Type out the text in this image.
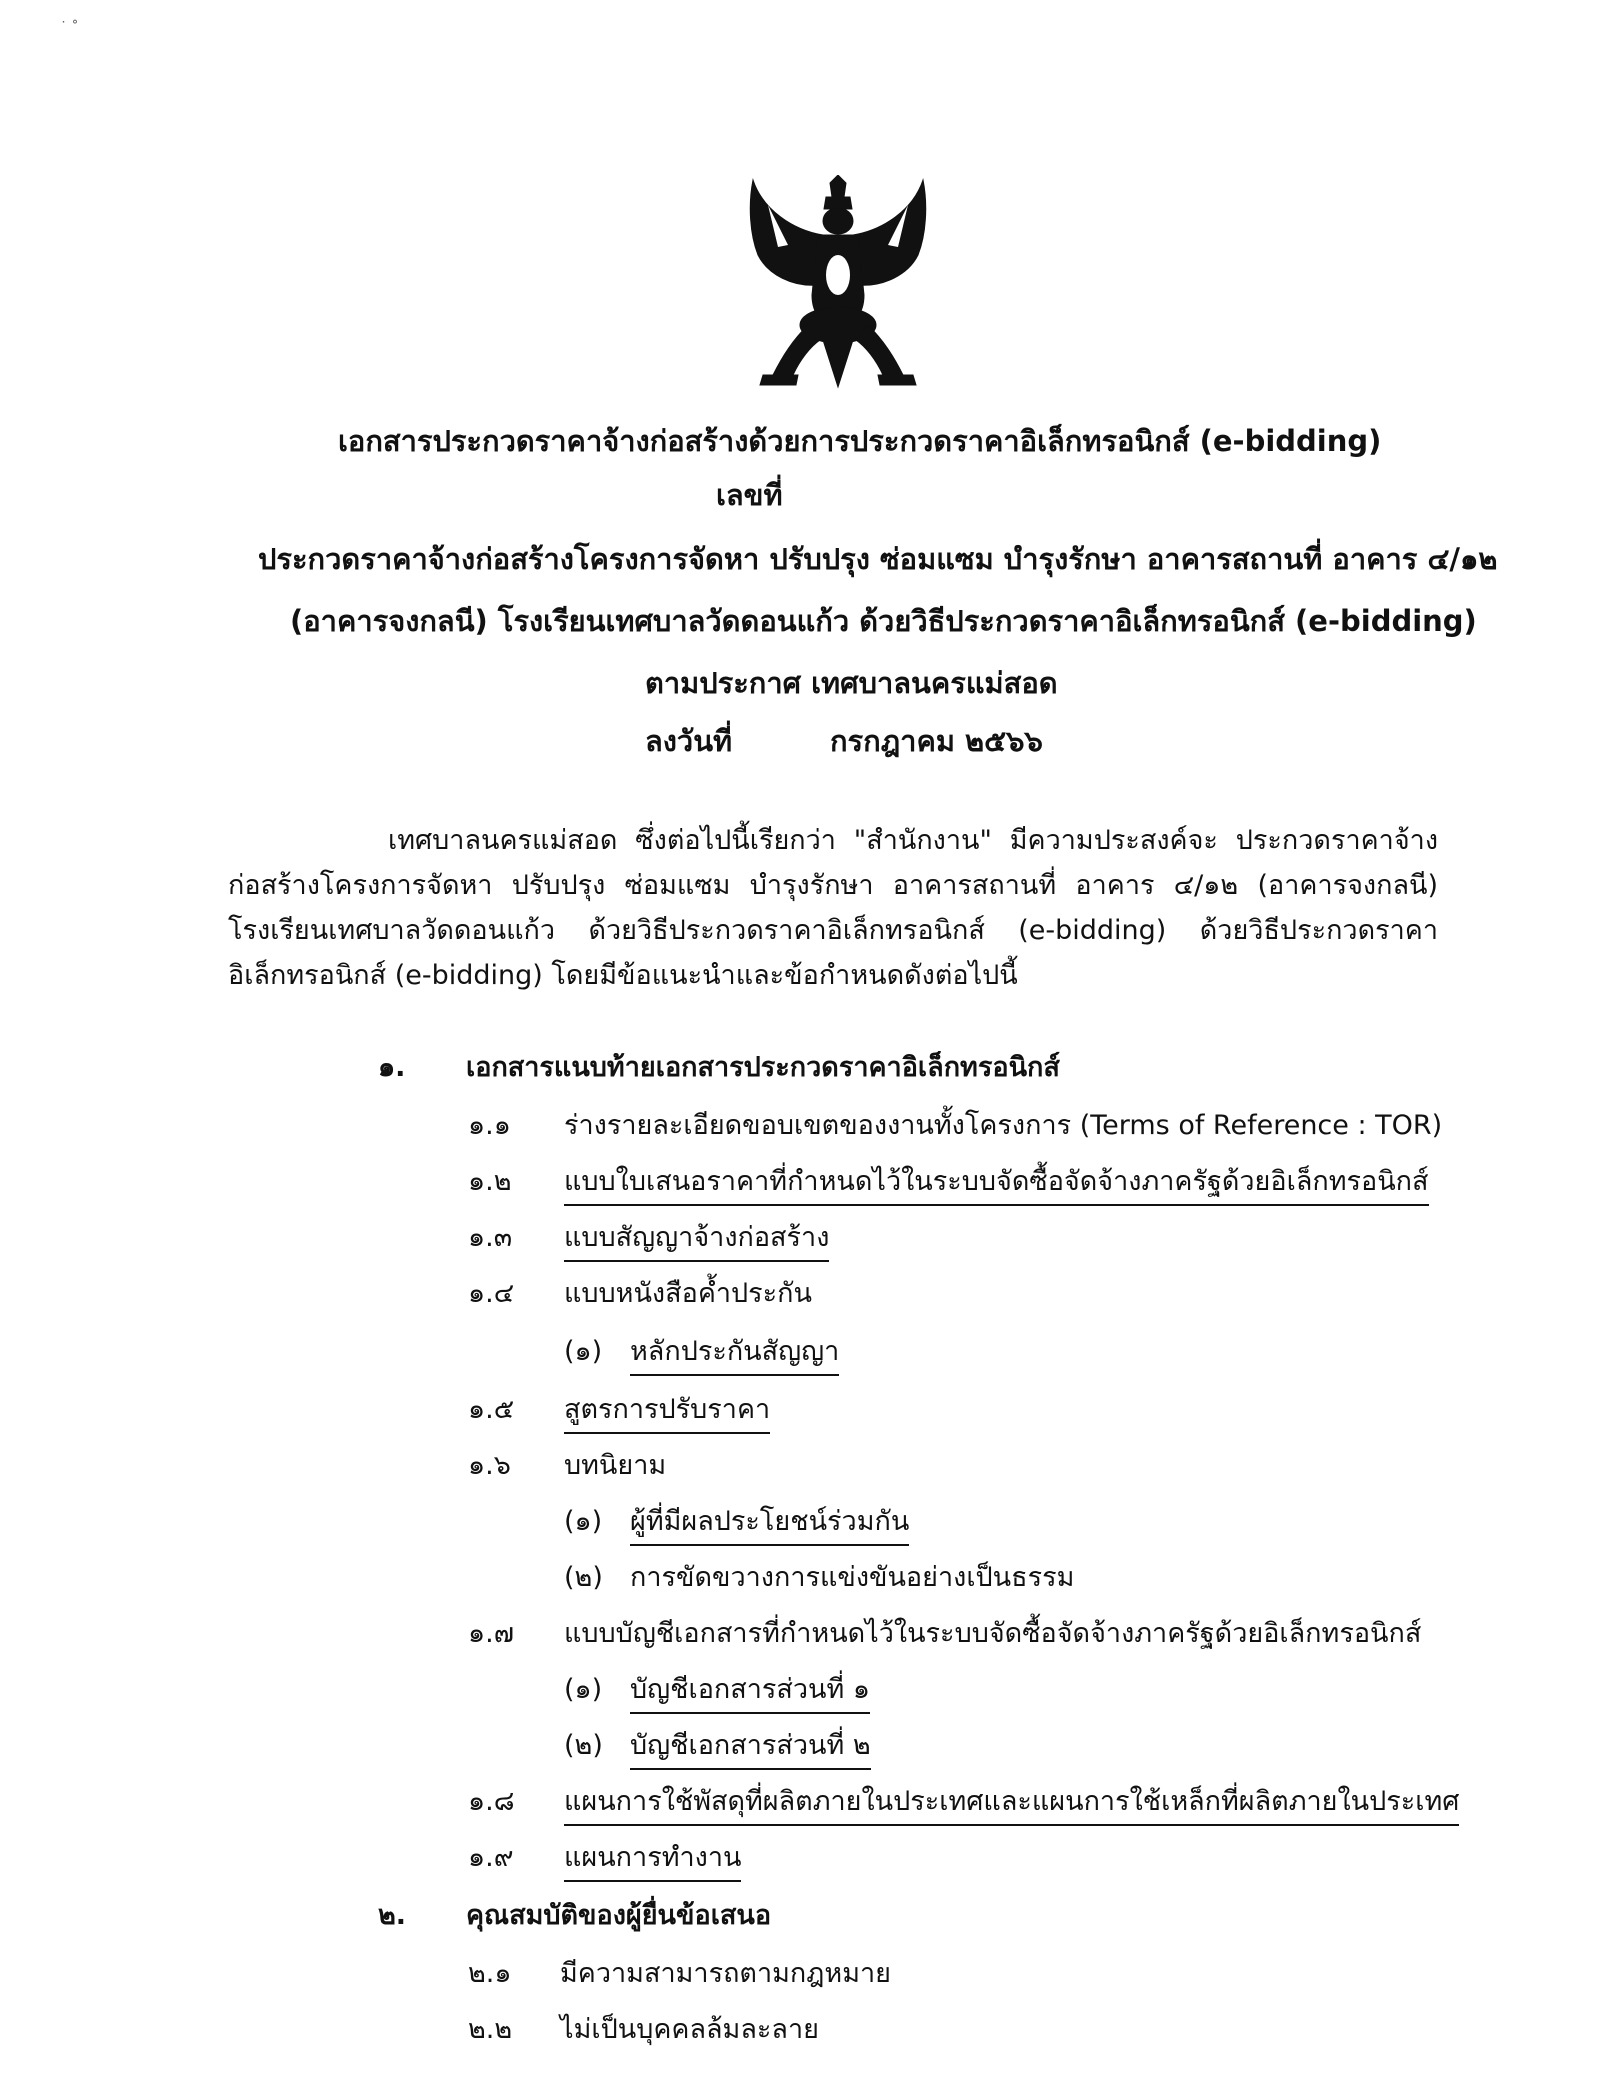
˙ ˚
เอกสารประกวดราคาจ้างก่อสร้างด้วยการประกวดราคาอิเล็กทรอนิกส์ (e-bidding)
เลขที่
ประกวดราคาจ้างก่อสร้างโครงการจัดหา ปรับปรุง ซ่อมแซม บำรุงรักษา อาคารสถานที่ อาคาร ๔/๑๒
(อาคารจงกลนี) โรงเรียนเทศบาลวัดดอนแก้ว ด้วยวิธีประกวดราคาอิเล็กทรอนิกส์ (e-bidding)
ตามประกาศ เทศบาลนครแม่สอด
ลงวันที่	กรกฎาคม ๒๕๖๖
เทศบาลนครแม่สอด ซึ่งต่อไปนี้เรียกว่า "สำนักงาน" มีความประสงค์จะ ประกวดราคาจ้างก่อสร้างโครงการจัดหา ปรับปรุง ซ่อมแซม บำรุงรักษา อาคารสถานที่ อาคาร ๔/๑๒ (อาคารจงกลนี) โรงเรียนเทศบาลวัดดอนแก้ว ด้วยวิธีประกวดราคาอิเล็กทรอนิกส์ (e-bidding) ด้วยวิธีประกวดราคาอิเล็กทรอนิกส์ (e-bidding) โดยมีข้อแนะนำและข้อกำหนดดังต่อไปนี้
๑. เอกสารแนบท้ายเอกสารประกวดราคาอิเล็กทรอนิกส์
๑.๑ ร่างรายละเอียดขอบเขตของงานทั้งโครงการ (Terms of Reference : TOR)
๑.๒ แบบใบเสนอราคาที่กำหนดไว้ในระบบจัดซื้อจัดจ้างภาครัฐด้วยอิเล็กทรอนิกส์
๑.๓ แบบสัญญาจ้างก่อสร้าง
๑.๔ แบบหนังสือค้ำประกัน
(๑) หลักประกันสัญญา
๑.๕ สูตรการปรับราคา
๑.๖ บทนิยาม
(๑) ผู้ที่มีผลประโยชน์ร่วมกัน
(๒) การขัดขวางการแข่งขันอย่างเป็นธรรม
๑.๗ แบบบัญชีเอกสารที่กำหนดไว้ในระบบจัดซื้อจัดจ้างภาครัฐด้วยอิเล็กทรอนิกส์
(๑) บัญชีเอกสารส่วนที่ ๑
(๒) บัญชีเอกสารส่วนที่ ๒
๑.๘ แผนการใช้พัสดุที่ผลิตภายในประเทศและแผนการใช้เหล็กที่ผลิตภายในประเทศ
๑.๙ แผนการทำงาน
๒. คุณสมบัติของผู้ยื่นข้อเสนอ
๒.๑ มีความสามารถตามกฎหมาย
๒.๒ ไม่เป็นบุคคลล้มละลาย
